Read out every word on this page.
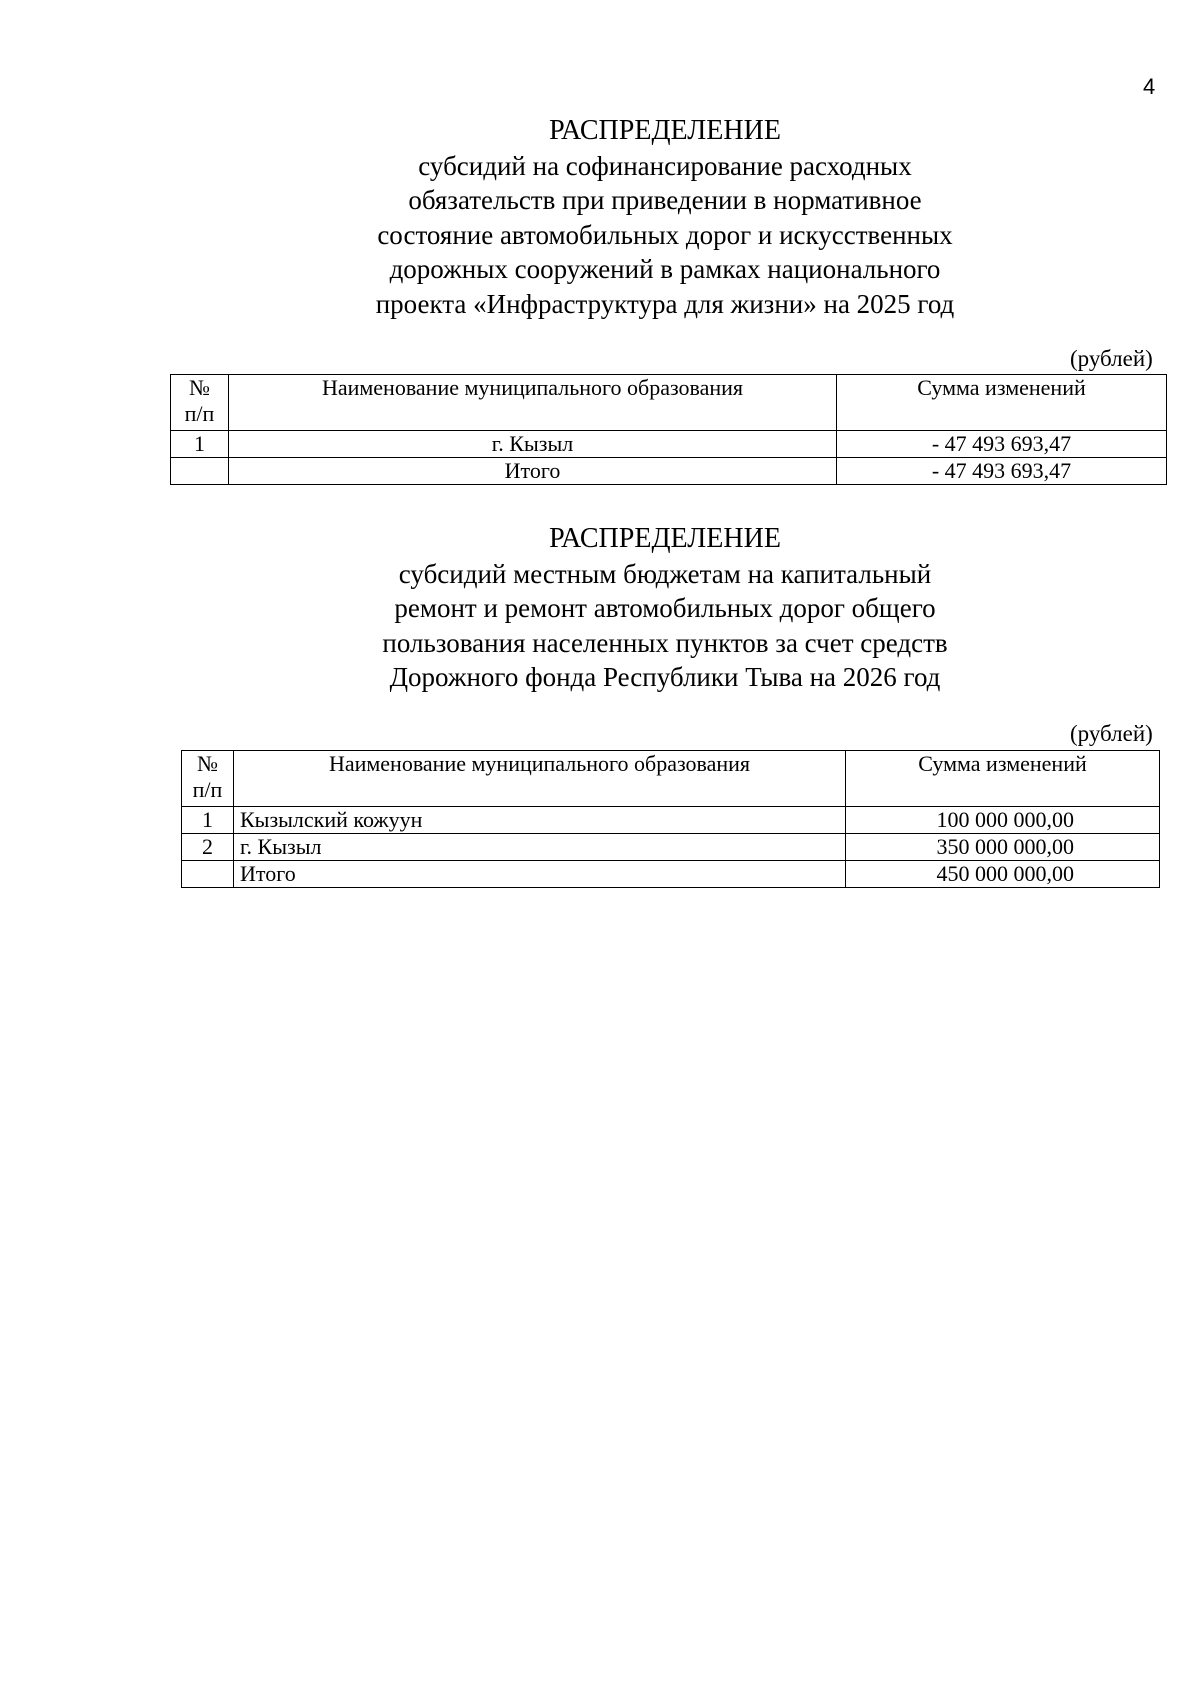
4
РАСПРЕДЕЛЕНИЕ
субсидий на софинансирование расходных
обязательств при приведении в нормативное
состояние автомобильных дорог и искусственных
дорожных сооружений в рамках национального
проекта «Инфраструктура для жизни» на 2025 год
(рублей)
№
п/п	Наименование муниципального образования	Сумма изменений
1	г. Кызыл	- 47 493 693,47
	Итого	- 47 493 693,47
РАСПРЕДЕЛЕНИЕ
субсидий местным бюджетам на капитальный
ремонт и ремонт автомобильных дорог общего
пользования населенных пунктов за счет средств
Дорожного фонда Республики Тыва на 2026 год
(рублей)
№
п/п	Наименование муниципального образования	Сумма изменений
1	Кызылский кожуун	100 000 000,00
2	г. Кызыл	350 000 000,00
	Итого	450 000 000,00
